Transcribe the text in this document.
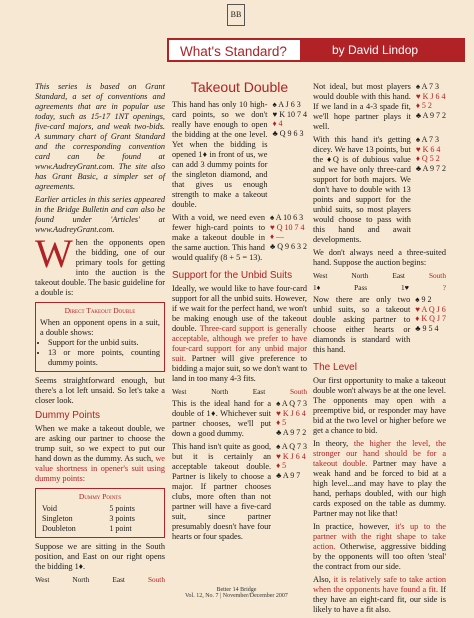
BB
What's Standard?	by David Lindop

This series is based on Grant Standard, a set of conventions and agreements that are in popular use today, such as 15-17 1NT openings, five-card majors, and weak two-bids. A summary chart of Grant Standard and the corresponding convention card can be found at www.AudreyGrant.com. The site also has Grant Basic, a simpler set of agreements.

Earlier articles in this series appeared in the Bridge Bulletin and can also be found under 'Articles' at www.AudreyGrant.com.

When the opponents open the bidding, one of our primary tools for getting into the auction is the takeout double. The basic guideline for a double is:

Direct Takeout Double
When an opponent opens in a suit, a double shows:
• Support for the unbid suits.
• 13 or more points, counting dummy points.

Seems straightforward enough, but there's a lot left unsaid. So let's take a closer look.

Dummy Points

When we make a takeout double, we are asking our partner to choose the trump suit, so we expect to put our hand down as the dummy. As such, we value shortness in opener's suit using dummy points:

Dummy Points
Void	5 points
Singleton	3 points
Doubleton	1 point

Suppose we are sitting in the South position, and East on our right opens the bidding 1♦.

West	North	East	South
Takeout Double

This hand has only 10 high-card points, so we don't really have enough to open the bidding at the one level. Yet when the bidding is opened 1♦ in front of us, we can add 3 dummy points for the singleton diamond, and that gives us enough strength to make a takeout double.

♠ A J 6 3
♥ K 10 7 4
♦ 4
♣ Q 9 6 3

With a void, we need even fewer high-card points to make a takeout double in the same auction. This hand would qualify (8 + 5 = 13).

♠ A 10 6 3
♥ Q 10 7 4
♦ —
♣ Q 9 6 3 2
Support for the Unbid Suits

Ideally, we would like to have four-card support for all the unbid suits. However, if we wait for the perfect hand, we won't be making enough use of the takeout double. Three-card support is generally acceptable, although we prefer to have four-card support for any unbid major suit. Partner will give preference to bidding a major suit, so we don't want to land in too many 4-3 fits.

West	North	East	South

This is the ideal hand for a double of 1♦. Whichever suit partner chooses, we'll put down a good dummy.

♠ A Q 7 3
♥ K J 6 4
♦ 5
♣ A 9 7 2

This hand isn't quite as good, but it is certainly an acceptable takeout double. Partner is likely to choose a major. If partner chooses clubs, more often than not partner will have a five-card suit, since partner presumably doesn't have four hearts or four spades.

♠ A Q 7 3
♥ K J 6 4
♦ 5
♣ A 9 7

Not ideal, but most players would double with this hand. If we land in a 4-3 spade fit, we'll hope partner plays it well.

♠ A 7 3
♥ K J 6 4
♦ 5 2
♣ A 9 7 2

With this hand it's getting dicey. We have 13 points, but the ♦Q is of dubious value and we have only three-card support for both majors. We don't have to double with 13 points and support for the unbid suits, so most players would choose to pass with this hand and await developments.

♠ A 7 3
♥ K 6 4
♦ Q 5 2
♣ A 9 7 2

We don't always need a three-suited hand. Suppose the auction begins:

West	North	East	South
1♦	Pass	1♥	?

Now there are only two unbid suits, so a takeout double asking partner to choose either hearts or diamonds is standard with this hand.

♠ 9 2
♥ A Q J 6
♦ K Q J 7
♣ 9 5 4
The Level

Our first opportunity to make a takeout double won't always be at the one level. The opponents may open with a preemptive bid, or responder may have bid at the two level or higher before we get a chance to bid.

In theory, the higher the level, the stronger our hand should be for a takeout double. Partner may have a weak hand and be forced to bid at a high level...and may have to play the hand, perhaps doubled, with our high cards exposed on the table as dummy. Partner may not like that!

In practice, however, it's up to the partner with the right shape to take action. Otherwise, aggressive bidding by the opponents will too often 'steal' the contract from our side.

Also, it is relatively safe to take action when the opponents have found a fit. If they have an eight-card fit, our side is likely to have a fit also.

Better 14 Bridge
Vol. 12, No. 7 | November/December 2007
